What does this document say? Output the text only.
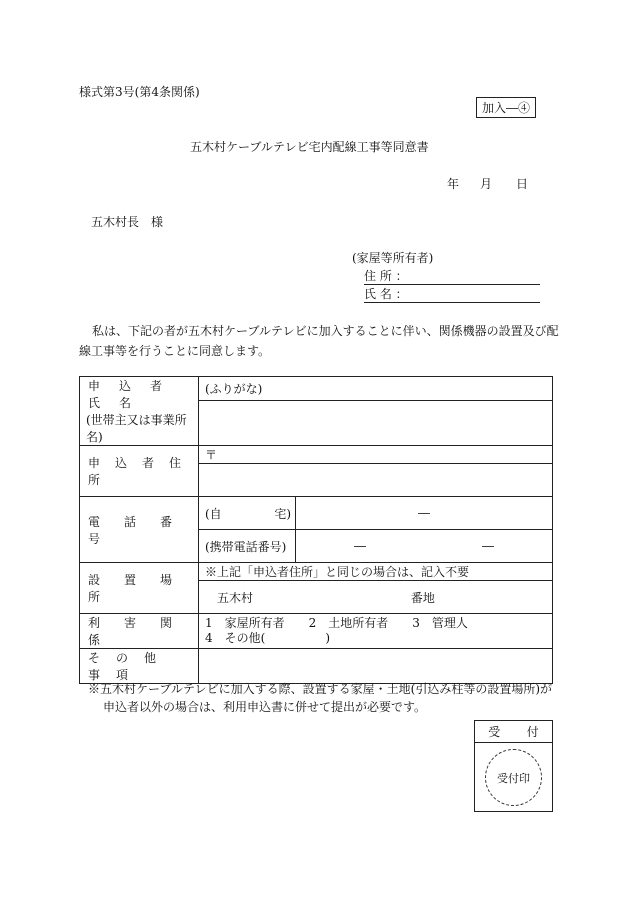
様式第3号(第4条関係)
加入―④
五木村ケーブルテレビ宅内配線工事等同意書
年 月 日
五木村長　様
(家屋等所有者)
住 所 ：
氏 名 ：
私は、下記の者が五木村ケーブルテレビに加入することに伴い、関係機器の設置及び配
線工事等を行うことに同意します。
申込者氏名
(世帯主又は事業所名)	(ふりがな)

申込者住所	〒

電話番号	(自 宅) ―

	(携帯電話番号) ― ―

設置場所	※上記「申込者住所」と同じの場合は、記入不要
	五木村 番地

利害関係	1　家屋所有者　　2　土地所有者　　3　管理人
4　その他(　　　　　)

その他事項	

※五木村ケーブルテレビに加入する際、設置する家屋・土地(引込み柱等の設置場所)が
申込者以外の場合は、利用申込書に併せて提出が必要です。
受 付
受付印
